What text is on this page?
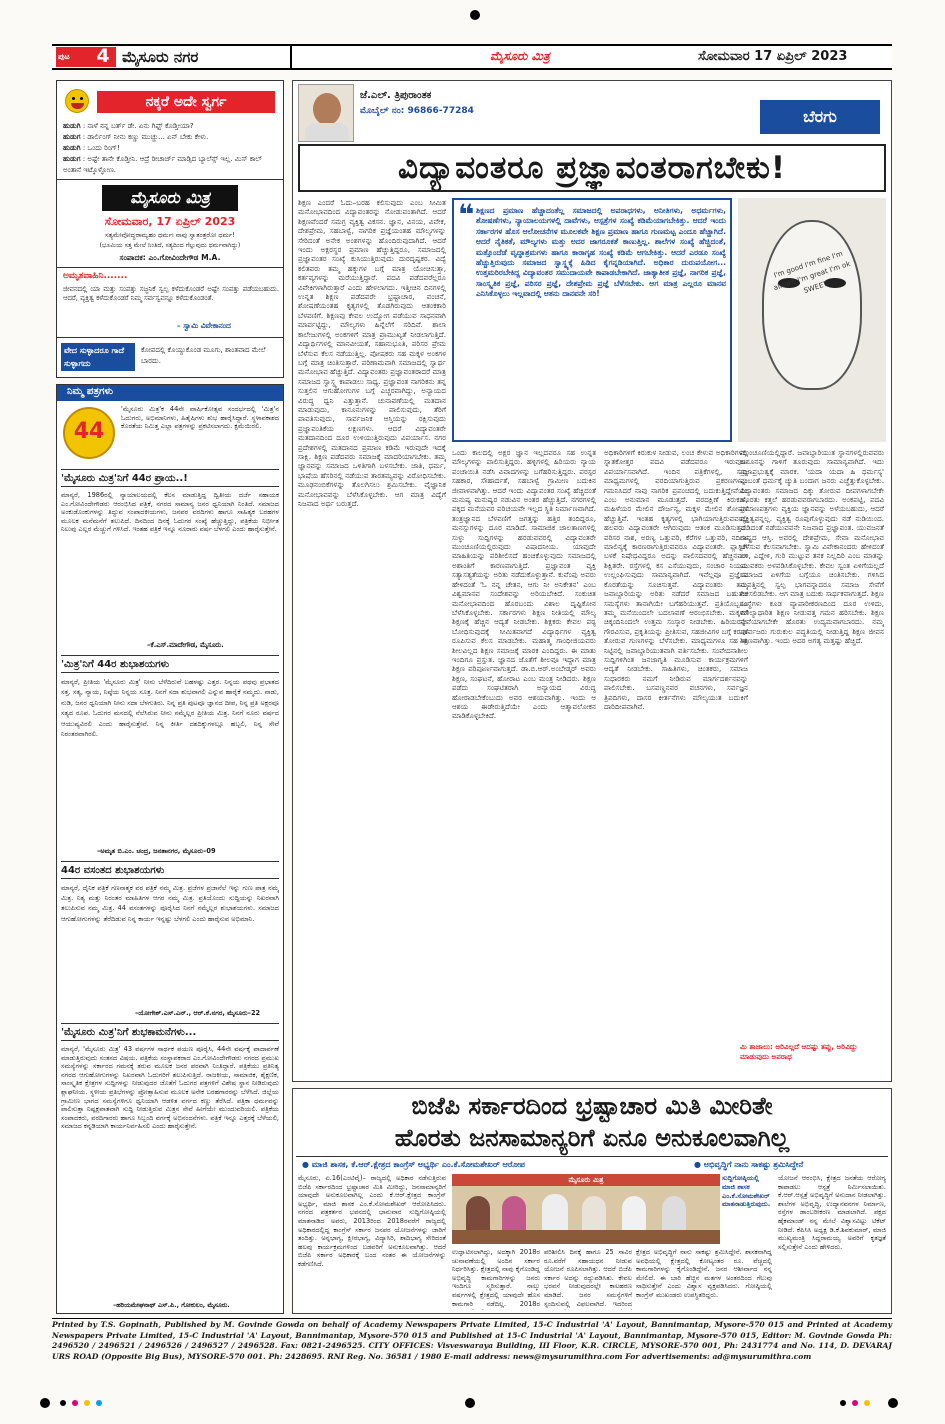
ಪುಟ 4 ಮೈಸೂರು ನಗರ	ಮೈಸೂರು ಮಿತ್ರ	ಸೋಮವಾರ 17 ಏಪ್ರಿಲ್ 2023
ನಕ್ಕರೆ ಅದೇ ಸ್ವರ್ಗ
ಹುಡುಗಿ : ನಾಳೆ ನನ್ನ ಬರ್ತ್ ಡೇ. ಏನು ಗಿಫ್ಟ್ ಕೊಡ್ತೀಯಾ?
ಹುಡುಗ : ಡಾರ್ಲಿಂಗ್ ನೀನು ಕಣ್ಣು ಮುಚ್ಚು... ಏನ್ ಬೇಕು ಕೇಳು.
ಹುಡುಗಿ : ಒಂದು ರಿಂಗ್!
ಹುಡುಗ : ಅಷ್ಟೇ ತಾನೇ ಕೊಡ್ತೀನಿ. ಆದ್ರೆ ರೀಚಾರ್ಜ್ ಮಾಡ್ಸಿದ ಬ್ಯಾಲೆನ್ಸ್ ಇಲ್ಲ. ಮಿಸ್ ಕಾಲ್ ಅಂತಾನೆ ಇಟ್ಕೊಳ್ಳೋಣ.
ಮೈಸೂರು ಮಿತ್ರ
ಸೋಮವಾರ, 17 ಏಪ್ರಿಲ್ 2023
ಸತ್ಯಮೇವೋದ್ಧರಾಮ್ಯಹಂ ಧರ್ಮಃ ನಾವು ಸ್ವಾತಂತ್ರರೋ ಧರ್ಮ!
(ಭೂಮಿಯ ಸತ್ತ ಮೇಲೆ ನಿಂತಿದೆ, ಸತ್ಯದಿಂದ ಗೆಲ್ಲುವುದು ಧರ್ಮವಾಗಿದ್ದು)
ಸಂಪಾದಕ: ಎಂ.ಗೋವಿಂದೇಗೌಡ M.A.
ಅಮೃತವಾಹಿನಿ.......
ಜೀವನದಲ್ಲಿ ಯಾ ಮತ್ತು ಸಂಪತ್ತು ಸಜ್ಜನಿಕೆ ಸ್ವಲ್ಪ ಕಳೆದುಕೊಂಡರೆ ಅಷ್ಟೇ ಸಂಪತ್ತು ಪಡೆಯಬಹುದು. ಆದರೆ, ವ್ಯಕ್ತಿತ್ವ ಕಳೆದುಕೊಂಡರೆ ನಿಮ್ಮ ಸರ್ವಸ್ವವನ್ನೂ ಕಳೆದುಕೊಂಡಂತೆ.
– ಸ್ವಾಮಿ ವಿವೇಕಾನಂದ
ವೇದ ಸುಳ್ಳಾದರೂ ಗಾದೆ ಸುಳ್ಳಾಗದು
ಕೋಪದಲ್ಲಿ ಕೊಯ್ದುಕೊಂಡ ಮೂಗು, ಶಾಂತವಾದ ಮೇಲೆ ಬಾರದು.
ನಿಮ್ಮ ಪತ್ರಗಳು
44
'ಮೈಸೂರು ಮಿತ್ರ'ಕ 44ನೇ ವಾರ್ಷಿಕೋತ್ಸವ ಸಂದರ್ಭದಲ್ಲಿ 'ಮಿತ್ರ'ನ ಓದುಗರು, ಅಭಿಮಾನಿಗಳು, ಹಿತೈಷಿಗಳು ಶುಭ ಹಾರೈಸಿದ್ದಾರೆ. ಸ್ಥಳಾವಕಾಶದ ಕೊರತೆಯ ನಿಮಿತ್ತ ಎಲ್ಲಾ ಪತ್ರಗಳನ್ನು ಪ್ರಕಟಿಸಲಾಗದು. ಕ್ಷಮೆಯಿರಲಿ.
'ಮೈಸೂರು ಮಿತ್ರ'ನಿಗೆ 44ರ ಪ್ರಾಯ..!
ಮಾನ್ಯರೆ, 1986ರಲ್ಲಿ ನ್ಯಾಯಾಲಯದಲ್ಲಿ ಕೆಲಸ ಮಾಡುತ್ತಿದ್ದ ದ್ವಿತೀಯ ದರ್ಜೆ ಸಹಾಯಕ ಎಂ.ಗೋವಿಂದೇಗೌಡರು ಆರಂಭಿಸಿದ ಪತ್ರಿಕೆ, ನಗರದ ಸಾಮಾನ್ಯ ಜನರ ಧ್ವನಿಯಾಗಿ ನಿಂತಿದೆ. ಸಮಾಜದ ಅಂಕುಡೊಂಕುಗಳನ್ನು ತಿದ್ದುವ ಸಂಪಾದಕೀಯಗಳು, ಜನಪರ ವರದಿಗಳು ಹಾಗೂ ಸಾಹಿತ್ಯಕ ಬರಹಗಳ ಮೂಲಕ ಮನೆಮನೆಗೆ ತಲುಪಿದೆ. ದಿನದಿಂದ ದಿನಕ್ಕೆ ಓದುಗರ ಸಂಖ್ಯೆ ಹೆಚ್ಚುತ್ತಿದ್ದು, ಪತ್ರಿಕೆಯ ನಿರ್ಭೀತ ನಿಲುವು ಎಲ್ಲರ ಮೆಚ್ಚುಗೆ ಗಳಿಸಿದೆ. ಇಂತಹ ಪತ್ರಿಕೆ ಇನ್ನೂ ನೂರಾರು ವರ್ಷ ಬೆಳಗಲಿ ಎಂದು ಹಾರೈಸುತ್ತೇನೆ.
–ಕೆ.ಎಸ್.ಮಾದೇಗೌಡ, ಮೈಸೂರು.
'ಮಿತ್ರ'ನಿಗೆ 44ರ ಶುಭಾಶಯಗಳು
ಮಾನ್ಯರೆ, ಪ್ರೀತಿಯ 'ಮೈಸೂರು ಮಿತ್ರ' ನೀನು ಬೆಳೆದಿರುವೆ ಬಹಳಷ್ಟು ಎತ್ತರ. ನಿನ್ನಯ ಪಥವು ಪ್ರಭಾತದ ಸತ್ತ. ಸತ್ಯ, ನ್ಯಾಯ, ನಿಷ್ಠೆಯ ನಿನ್ನಯ ಸೂತ್ರ. ನಿನಗೆ ಸದಾ ಶುಭವಾಗಲಿ ಎನ್ನುವ ಹಾರೈಕೆ ನಮ್ಮದು. ನಾಡು, ನುಡಿ, ಜನರ ಧ್ವನಿಯಾಗಿ ನೀನು ಸದಾ ಬೆಳಗುತಿರು. ನಿನ್ನ ಪ್ರತಿ ಪುಟವೂ ಜ್ಞಾನದ ದೀಪ, ನಿನ್ನ ಪ್ರತಿ ಅಕ್ಷರವೂ ಸತ್ಯದ ರೂಪ. ಓದುಗರ ಮನದಲ್ಲಿ ನೆಲೆಸಿರುವ ನೀನು ನಮ್ಮೆಲ್ಲರ ಪ್ರೀತಿಯ ಮಿತ್ರ. ನಿನಗೆ ನೂರು ವರ್ಷದ ಆಯುಷ್ಯವಿರಲಿ ಎಂದು ಹಾರೈಸುತ್ತೇವೆ. ನಿನ್ನ ಕೀರ್ತಿ ದಶದಿಕ್ಕುಗಳಲ್ಲೂ ಹಬ್ಬಲಿ, ನಿನ್ನ ಸೇವೆ ನಿರಂತರವಾಗಿರಲಿ.
–ಅಮೃತ ಬಿ.ಎಂ. ಚಂದ್ರ, ಜನತಾನಗರ, ಮೈಸೂರು–09
44ರ ವಸಂತದ ಶುಭಾಶಯಗಳು
ಮಾನ್ಯರೆ, ದೈನಿಕ ಪತ್ರಿಕೆ ಗಣನಾತ್ಮಕ ವರ ಪತ್ರಿಕೆ ನಮ್ಮ ಮಿತ್ರ. ಪ್ರಜೆಗಳ ಪ್ರಜಾನೆಲೆ ಇನ್ನು ಗುಣ ಪಾತ್ರ ನಮ್ಮ ಮಿತ್ರ. ನಿತ್ಯ ಮತ್ತು ನಿರಂತರ ಮಾಹಿತಿಗಳ ಆಗರ ನಮ್ಮ ಮಿತ್ರ. ಪ್ರತಿಯೊಂದು ಸುದ್ದಿಯನ್ನು ನಿಖರವಾಗಿ ತಲುಪಿಸುವ ನಮ್ಮ ಮಿತ್ರ. 44 ವಸಂತಗಳನ್ನು ಪೂರೈಸಿದ ನಿನಗೆ ನಮ್ಮೆಲ್ಲರ ಶುಭಾಶಯಗಳು. ಸಮಾಜದ ಆಗುಹೋಗುಗಳನ್ನು ತೆರೆದಿಡುವ ನಿನ್ನ ಕಾರ್ಯ ಇನ್ನಷ್ಟು ಬೆಳಗಲಿ ಎಂದು ಹಾರೈಸುವ ಅಭಿಮಾನಿ.
–ಯೋಗೇಶ್.ಎಸ್.ಎನ್., ಆರ್.ಕೆ.ನಗರ, ಮೈಸೂರು–22
'ಮೈಸೂರು ಮಿತ್ರ'ನಿಗೆ ಶುಭಕಾಮನೆಗಳು...
ಮಾನ್ಯರೆ, 'ಮೈಸೂರು ಮಿತ್ರ' 43 ವರ್ಷಗಳ ಸಾರ್ಥಕ ಪಯಣ ಪೂರೈಸಿ, 44ನೇ ವರ್ಷಕ್ಕೆ ಪಾದಾರ್ಪಣೆ ಮಾಡುತ್ತಿರುವುದು ಸಂತಸದ ವಿಷಯ. ಪತ್ರಿಕೆಯ ಸಂಸ್ಥಾಪಕರಾದ ಎಂ.ಗೋವಿಂದೇಗೌಡರು ನಗರದ ಪ್ರಮುಖ ಸಮಸ್ಯೆಗಳನ್ನು ಸರ್ಕಾರದ ಗಮನಕ್ಕೆ ತರುವ ಮೂಲಕ ಜನರ ಪರವಾಗಿ ನಿಂತಿದ್ದಾರೆ. ಪತ್ರಿಕೆಯು ಪ್ರತಿನಿತ್ಯ ನಗರದ ಆಗುಹೋಗುಗಳನ್ನು ನಿಖರವಾಗಿ ಓದುಗರಿಗೆ ತಲುಪಿಸುತ್ತಿದೆ. ರಾಜಕೀಯ, ಸಾಮಾಜಿಕ, ಶೈಕ್ಷಣಿಕ, ಸಾಂಸ್ಕೃತಿಕ ಕ್ಷೇತ್ರಗಳ ಸುದ್ದಿಗಳನ್ನು ನೀಡುವುದರ ಜೊತೆಗೆ ಓದುಗರ ಪತ್ರಗಳಿಗೆ ವಿಶೇಷ ಸ್ಥಾನ ನೀಡಿರುವುದು ಶ್ಲಾಘನೀಯ. ಸ್ಥಳೀಯ ಪ್ರತಿಭೆಗಳನ್ನು ಪ್ರೋತ್ಸಾಹಿಸುವ ಮೂಲಕ ಅನೇಕ ಬರಹಗಾರರನ್ನು ಬೆಳೆಸಿದೆ. ಜಿಲ್ಲೆಯ ಗ್ರಾಮೀಣ ಭಾಗದ ಸಮಸ್ಯೆಗಳಿಗೂ ಧ್ವನಿಯಾಗಿ ಆಡಳಿತ ವರ್ಗದ ಕಣ್ಣು ತೆರೆಸಿದೆ. ಪತ್ರಿಕಾ ಧರ್ಮವನ್ನು ಪಾಲಿಸುತ್ತಾ ನಿಷ್ಪಕ್ಷಪಾತವಾಗಿ ಸುದ್ದಿ ನೀಡುತ್ತಿರುವ ಮಿತ್ರನ ಸೇವೆ ಹೀಗೆಯೇ ಮುಂದುವರಿಯಲಿ. ಪತ್ರಿಕೆಯ ಸಂಪಾದಕರು, ವರದಿಗಾರರು ಹಾಗೂ ಸಿಬ್ಬಂದಿ ವರ್ಗಕ್ಕೆ ಅಭಿನಂದನೆಗಳು. ಪತ್ರಿಕೆ ಇನ್ನೂ ಎತ್ತರಕ್ಕೆ ಬೆಳೆಯಲಿ, ಸಮಾಜದ ಕನ್ನಡಿಯಾಗಿ ಕಾರ್ಯನಿರ್ವಹಿಸಲಿ ಎಂದು ಹಾರೈಸುತ್ತೇನೆ.
–ಹರಿಯಮೇಘನಾಥ್ ಎಸ್.ಪಿ., ಗೋಕುಲಂ, ಮೈಸೂರು.
ಜೆ.ಎಲ್. ತ್ರಿಪುರಾಂತಕ
ಮೊಬೈಲ್ ನಂ: 96866-77284	ಬೆರಗು
ವಿದ್ಯಾವಂತರೂ ಪ್ರಜ್ಞಾವಂತರಾಗಬೇಕು!
❝ ಶಿಕ್ಷಣದ ಪ್ರಮಾಣ ಹೆಚ್ಚಾದಂತೆಲ್ಲ ಸಮಾಜದಲ್ಲಿ ಅಪರಾಧಗಳು, ಅನೀತಿಗಳು, ಅಧರ್ಮಗಳು, ಶೋಷಣೆಗಳು, ನ್ಯಾಯಾಲಯಗಳಲ್ಲಿ ದಾವೆಗಳು, ಆಸ್ಪತ್ರೆಗಳ ಸಂಖ್ಯೆ ಕಡಿಮೆಯಾಗಬೇಕಿತ್ತು. ಆದರೆ ಇಂದು ಸರ್ಕಾರಗಳ ಹೊಸ ಆಲೋಚನೆಗಳ ಮೂಲಕವೇ ಶಿಕ್ಷಣ ಪ್ರಮಾಣ ಹಾಗೂ ಗುಣಮಟ್ಟ ಎಂದೂ ಹೆಚ್ಚಾಗಿದೆ. ಆದರೆ ನೈತಿಕತೆ, ಮೌಲ್ಯಗಳು ಮತ್ತು ಅದರ ಜಾಗರೂಕತೆ ಕಾಣುತ್ತಿಲ್ಲ. ಶಾಲೆಗಳ ಸಂಖ್ಯೆ ಹೆಚ್ಚಿದಂತೆ, ಮತ್ತೊಂದೆಡೆ ವೃದ್ಧಾಶ್ರಮಗಳು ಹಾಗೂ ಕಾರಾಗೃಹ ಸಂಖ್ಯೆ ಕಡಿಮೆ ಆಗಬೇಕಿತ್ತು. ಆದರೆ ಎರಡೂ ಸಂಖ್ಯೆ ಹೆಚ್ಚುತ್ತಿರುವುದು ಸಮಾಜದ ಸ್ವಾಸ್ಥ್ಯಕ್ಕೆ ಹಿಡಿದ ಕೈಗನ್ನಡಿಯಾಗಿದೆ. ಅಧಿಕಾರ ದುರುಪಯೋಗ... ಉತ್ತಮರಿರಬೇಕಿದ್ದ ವಿದ್ಯಾವಂತರ ಸಮುದಾಯವೇ ಕಾಪಾಡಬೇಕಾಗಿದೆ. ಜಾತ್ಯಾತೀತ ಪ್ರಜ್ಞೆ, ನಾಗರಿಕ ಪ್ರಜ್ಞೆ, ಸಾಂಸ್ಕೃತಿಕ ಪ್ರಜ್ಞೆ, ಪರಿಸರ ಪ್ರಜ್ಞೆ, ದೇಶಪ್ರೇಮ ಪ್ರಜ್ಞೆ ಬೆಳೆಸಬೇಕು. ಆಗ ಮಾತ್ರ ಎಲ್ಲರೂ ಮಾನವ ಎನಿಸಿಕೊಳ್ಳಲು ಇಲ್ಲವಾದಲ್ಲಿ ಆತನು ದಾನವನೇ ಸರಿ!
I'm good I'm fine I'm alright I'm great I'm ok SWEET
ಶಿಕ್ಷಣ ಎಂದರೆ ಓದು–ಬರಹ ಕಲಿಸುವುದು ಎಂಬ ಸೀಮಿತ ಮನೋಭಾವದಿಂದ ವಿದ್ಯಾವಂತರನ್ನು ನೋಡುವಂತಾಗಿದೆ. ಆದರೆ ಶಿಕ್ಷಣವೆಂದರೆ ಸಮಗ್ರ ವ್ಯಕ್ತಿತ್ವ ವಿಕಸನ. ಜ್ಞಾನ, ವಿನಯ, ವಿವೇಕ, ದೇಶಪ್ರೇಮ, ಸಹಬಾಳ್ವೆ, ನಾಗರಿಕ ಪ್ರಜ್ಞೆಯಂತಹ ಮೌಲ್ಯಗಳನ್ನು ಸೇರಿದಂತೆ ಅನೇಕ ಅಂಶಗಳನ್ನು ಹೊಂದಿರುವುದಾಗಿದೆ. ಆದರೆ ಇಂದು ಅಕ್ಷರಸ್ಥರ ಪ್ರಮಾಣ ಹೆಚ್ಚುತ್ತಿದ್ದರೂ, ಸಮಾಜದಲ್ಲಿ ಪ್ರಜ್ಞಾವಂತರ ಸಂಖ್ಯೆ ಕುಸಿಯುತ್ತಿರುವುದು ದುರದೃಷ್ಟಕರ. ವಿದ್ಯೆ ಕಲಿತವರು ತಮ್ಮ ಹಕ್ಕುಗಳ ಬಗ್ಗೆ ಮಾತ್ರ ಯೋಚಿಸುತ್ತಾ, ಕರ್ತವ್ಯಗಳನ್ನು ಮರೆಯುತ್ತಿದ್ದಾರೆ. ಪದವಿ ಪಡೆದವರೆಲ್ಲರೂ ವಿವೇಕಿಗಳಾಗಿರುತ್ತಾರೆ ಎಂದು ಹೇಳಲಾಗದು. ಇತ್ತೀಚಿನ ದಿನಗಳಲ್ಲಿ ಉನ್ನತ ಶಿಕ್ಷಣ ಪಡೆದವರೇ ಭ್ರಷ್ಟಾಚಾರ, ವಂಚನೆ, ಶೋಷಣೆಯಂತಹ ಕೃತ್ಯಗಳಲ್ಲಿ ತೊಡಗಿರುವುದು ಆತಂಕಕಾರಿ ಬೆಳವಣಿಗೆ. ಶಿಕ್ಷಣವು ಕೇವಲ ಉದ್ಯೋಗ ಪಡೆಯುವ ಸಾಧನವಾಗಿ ಮಾರ್ಪಟ್ಟಿದ್ದು, ಮೌಲ್ಯಗಳು ಹಿನ್ನೆಲೆಗೆ ಸರಿದಿವೆ. ಶಾಲಾ ಕಾಲೇಜುಗಳಲ್ಲಿ ಅಂಕಗಳಿಗೆ ಮಾತ್ರ ಪ್ರಾಮುಖ್ಯತೆ ನೀಡಲಾಗುತ್ತಿದೆ. ವಿದ್ಯಾರ್ಥಿಗಳಲ್ಲಿ ಮಾನವೀಯತೆ, ಸಹಾನುಭೂತಿ, ಪರಿಸರ ಪ್ರೇಮ ಬೆಳೆಸುವ ಕೆಲಸ ನಡೆಯುತ್ತಿಲ್ಲ. ಪೋಷಕರು ಸಹ ಮಕ್ಕಳ ಅಂಕಗಳ ಬಗ್ಗೆ ಮಾತ್ರ ಚಿಂತಿಸುತ್ತಾರೆ. ಪರಿಣಾಮವಾಗಿ ಸಮಾಜದಲ್ಲಿ ಸ್ವಾರ್ಥ ಮನೋಭಾವ ಹೆಚ್ಚುತ್ತಿದೆ. ವಿದ್ಯಾವಂತರು ಪ್ರಜ್ಞಾವಂತರಾದರೆ ಮಾತ್ರ ಸಮಾಜದ ಸ್ವಾಸ್ಥ್ಯ ಕಾಪಾಡಲು ಸಾಧ್ಯ. ಪ್ರಜ್ಞಾವಂತ ನಾಗರಿಕನು ತನ್ನ ಸುತ್ತಲಿನ ಆಗುಹೋಗುಗಳ ಬಗ್ಗೆ ಎಚ್ಚರವಾಗಿದ್ದು, ಅನ್ಯಾಯದ ವಿರುದ್ಧ ಧ್ವನಿ ಎತ್ತುತ್ತಾನೆ. ಚುನಾವಣೆಯಲ್ಲಿ ಮತದಾನ ಮಾಡುವುದು, ಕಾನೂನುಗಳನ್ನು ಪಾಲಿಸುವುದು, ತೆರಿಗೆ ಪಾವತಿಸುವುದು, ಸಾರ್ವಜನಿಕ ಆಸ್ತಿಯನ್ನು ರಕ್ಷಿಸುವುದು ಪ್ರಜ್ಞಾವಂತಿಕೆಯ ಲಕ್ಷಣಗಳು. ಆದರೆ ವಿದ್ಯಾವಂತರೇ ಮತದಾನದಿಂದ ದೂರ ಉಳಿಯುತ್ತಿರುವುದು ವಿಪರ್ಯಾಸ. ನಗರ ಪ್ರದೇಶಗಳಲ್ಲಿ ಮತದಾನದ ಪ್ರಮಾಣ ಕಡಿಮೆ ಇರುವುದೇ ಇದಕ್ಕೆ ಸಾಕ್ಷಿ. ಶಿಕ್ಷಣ ಪಡೆದವರು ಸಮಾಜಕ್ಕೆ ಮಾದರಿಯಾಗಬೇಕು. ತಮ್ಮ ಜ್ಞಾನವನ್ನು ಸಮಾಜದ ಒಳಿತಿಗಾಗಿ ಬಳಸಬೇಕು. ಜಾತಿ, ಧರ್ಮ, ಭಾಷೆಯ ಹೆಸರಿನಲ್ಲಿ ನಡೆಯುವ ತಾರತಮ್ಯವನ್ನು ವಿರೋಧಿಸಬೇಕು. ಮೂಢನಂಬಿಕೆಗಳನ್ನು ತೊಲಗಿಸಲು ಶ್ರಮಿಸಬೇಕು. ವೈಜ್ಞಾನಿಕ ಮನೋಭಾವವನ್ನು ಬೆಳೆಸಿಕೊಳ್ಳಬೇಕು. ಆಗ ಮಾತ್ರ ವಿದ್ಯೆಗೆ ನಿಜವಾದ ಅರ್ಥ ಬರುತ್ತದೆ.
ಒಂದು ಕಾಲದಲ್ಲಿ ಅಕ್ಷರ ಜ್ಞಾನ ಇಲ್ಲದವರೂ ಸಹ ಉನ್ನತ ಮೌಲ್ಯಗಳನ್ನು ಪಾಲಿಸುತ್ತಿದ್ದರು. ಹಳ್ಳಿಗಳಲ್ಲಿ ಹಿರಿಯರು ನ್ಯಾಯ ಪಂಚಾಯಿತಿ ನಡೆಸಿ ವಿವಾದಗಳನ್ನು ಬಗೆಹರಿಸುತ್ತಿದ್ದರು. ಪರಸ್ಪರ ಸಹಕಾರ, ಸೌಹಾರ್ದತೆ, ಸಹಬಾಳ್ವೆ ಗ್ರಾಮೀಣ ಬದುಕಿನ ಜೀವಾಳವಾಗಿತ್ತು. ಆದರೆ ಇಂದು ವಿದ್ಯಾವಂತರ ಸಂಖ್ಯೆ ಹೆಚ್ಚಿದಂತೆ ಮನುಷ್ಯ ಮನುಷ್ಯರ ನಡುವಿನ ಅಂತರ ಹೆಚ್ಚುತ್ತಿದೆ. ನಗರಗಳಲ್ಲಿ ಪಕ್ಕದ ಮನೆಯವರ ಪರಿಚಯವೇ ಇಲ್ಲದ ಸ್ಥಿತಿ ನಿರ್ಮಾಣವಾಗಿದೆ. ತಂತ್ರಜ್ಞಾನದ ಬೆಳವಣಿಗೆ ಜಗತ್ತನ್ನು ಹತ್ತಿರ ತಂದಿದ್ದರೂ, ಮನಸ್ಸುಗಳನ್ನು ದೂರ ಮಾಡಿದೆ. ಸಾಮಾಜಿಕ ಜಾಲತಾಣಗಳಲ್ಲಿ ಸುಳ್ಳು ಸುದ್ದಿಗಳನ್ನು ಹರಡುವವರಲ್ಲಿ ವಿದ್ಯಾವಂತರೇ ಮುಂಚೂಣಿಯಲ್ಲಿರುವುದು ವಿಷಾದನೀಯ. ಯಾವುದೇ ಮಾಹಿತಿಯನ್ನು ಪರಿಶೀಲಿಸದೆ ಹಂಚಿಕೊಳ್ಳುವುದು ಸಮಾಜದಲ್ಲಿ ಅಶಾಂತಿಗೆ ಕಾರಣವಾಗುತ್ತಿದೆ. ಪ್ರಜ್ಞಾವಂತ ವ್ಯಕ್ತಿ ಸತ್ಯಾಸತ್ಯತೆಯನ್ನು ಅರಿತು ನಡೆದುಕೊಳ್ಳುತ್ತಾನೆ. ಕುವೆಂಪು ಅವರು ಹೇಳಿದಂತೆ 'ಓ ನನ್ನ ಚೇತನ, ಆಗು ನೀ ಅನಿಕೇತನ' ಎಂಬ ವಿಶ್ವಮಾನವ ಸಂದೇಶವನ್ನು ಅರಿಯಬೇಕಿದೆ. ಸಂಕುಚಿತ ಮನೋಭಾವದಿಂದ ಹೊರಬಂದು ವಿಶಾಲ ದೃಷ್ಟಿಕೋನ ಬೆಳೆಸಿಕೊಳ್ಳಬೇಕು. ಸರ್ಕಾರಗಳು ಶಿಕ್ಷಣ ನೀತಿಯಲ್ಲಿ ಮೌಲ್ಯ ಶಿಕ್ಷಣಕ್ಕೆ ಹೆಚ್ಚಿನ ಆದ್ಯತೆ ನೀಡಬೇಕು. ಶಿಕ್ಷಕರು ಕೇವಲ ಪಠ್ಯ ಬೋಧಿಸುವುದಕ್ಕೆ ಸೀಮಿತವಾಗದೆ ವಿದ್ಯಾರ್ಥಿಗಳ ವ್ಯಕ್ತಿತ್ವ ರೂಪಿಸುವ ಕೆಲಸ ಮಾಡಬೇಕು. ಮಹಾತ್ಮ ಗಾಂಧೀಜಿಯವರು ಶೀಲವಿಲ್ಲದ ಶಿಕ್ಷಣ ಸಮಾಜಕ್ಕೆ ಮಾರಕ ಎಂದಿದ್ದರು. ಈ ಮಾತು ಇಂದಿಗೂ ಪ್ರಸ್ತುತ. ಜ್ಞಾನದ ಜೊತೆಗೆ ಶೀಲವೂ ಇದ್ದಾಗ ಮಾತ್ರ ಶಿಕ್ಷಣ ಪರಿಪೂರ್ಣವಾಗುತ್ತದೆ. ಡಾ.ಬಿ.ಆರ್.ಅಂಬೇಡ್ಕರ್ ಅವರು ಶಿಕ್ಷಣ, ಸಂಘಟನೆ, ಹೋರಾಟ ಎಂಬ ಮಂತ್ರ ನೀಡಿದರು. ಶಿಕ್ಷಣ ಪಡೆದು ಸಂಘಟಿತರಾಗಿ ಅನ್ಯಾಯದ ವಿರುದ್ಧ ಹೋರಾಡಬೇಕೆಂಬುದು ಅವರ ಆಶಯವಾಗಿತ್ತು. ಇಂದು ಆ ಆಶಯ ಈಡೇರುತ್ತಿದೆಯೇ ಎಂದು ಆತ್ಮಾವಲೋಕನ ಮಾಡಿಕೊಳ್ಳಬೇಕಿದೆ.
ಅಧಿಕಾರಿಗಳಿಗೆ ಕಿರುಕುಳ ನೀಡುವ, ಲಂಚ ಕೇಳುವ ಅಧಿಕಾರಿಗಳಲ್ಲಿ ಸ್ನಾತಕೋತ್ತರ ಪದವಿ ಪಡೆದವರೂ ಇರುವುದು ವಿಪರ್ಯಾಸವಾಗಿದೆ. ಇಂದಿನ ಪತ್ರಿಕೆಗಳಲ್ಲಿ, ಸುದ್ದಿ ಮಾಧ್ಯಮಗಳಲ್ಲಿ ವರದಿಯಾಗುತ್ತಿರುವ ಪ್ರಕರಣಗಳನ್ನು ಗಮನಿಸಿದರೆ ನಾವು ನಾಗರಿಕ ಪ್ರಪಂಚದಲ್ಲಿ ಬದುಕುತ್ತಿದ್ದೇವೆಯೇ ಎಂಬ ಅನುಮಾನ ಮೂಡುತ್ತದೆ. ವರದಕ್ಷಿಣೆ ಕಿರುಕುಳ, ಮಹಿಳೆಯರ ಮೇಲಿನ ದೌರ್ಜನ್ಯ, ಮಕ್ಕಳ ಮೇಲಿನ ಶೋಷಣೆ ಹೆಚ್ಚುತ್ತಿವೆ. ಇಂತಹ ಕೃತ್ಯಗಳಲ್ಲಿ ಭಾಗಿಯಾಗುತ್ತಿರುವವರಲ್ಲಿ ಹಲವರು ವಿದ್ಯಾವಂತರೇ ಆಗಿರುವುದು ಆತಂಕ ಮೂಡಿಸುತ್ತದೆ. ಪರಿಸರ ನಾಶ, ಅರಣ್ಯ ಒತ್ತುವರಿ, ಕೆರೆಗಳ ಒತ್ತುವರಿ, ನದಿಗಳ ಮಾಲಿನ್ಯಕ್ಕೆ ಕಾರಣರಾಗುತ್ತಿರುವವರೂ ವಿದ್ಯಾವಂತರೇ. ಪ್ಲಾಸ್ಟಿಕ್ ಬಳಕೆ ನಿಷೇಧವಿದ್ದರೂ ಅದನ್ನು ಪಾಲಿಸದವರಲ್ಲಿ ಹೆಚ್ಚಿನವರು ಶಿಕ್ಷಿತರೇ. ರಸ್ತೆಗಳಲ್ಲಿ ಕಸ ಎಸೆಯುವುದು, ಸಂಚಾರ ನಿಯಮ ಉಲ್ಲಂಘಿಸುವುದು ಸಾಮಾನ್ಯವಾಗಿದೆ. ಇವೆಲ್ಲವೂ ಪ್ರಜ್ಞೆಯ ಕೊರತೆಯನ್ನು ಸೂಚಿಸುತ್ತವೆ. ವಿದ್ಯಾವಂತರು ತಮ್ಮ ಜವಾಬ್ದಾರಿಯನ್ನು ಅರಿತು ನಡೆದರೆ ಸಮಾಜದ ಬಹುತೇಕ ಸಮಸ್ಯೆಗಳು ತಾನಾಗಿಯೇ ಬಗೆಹರಿಯುತ್ತವೆ. ಪ್ರತಿಯೊಬ್ಬರೂ ತಮ್ಮ ಮನೆಯಿಂದಲೇ ಬದಲಾವಣೆ ಆರಂಭಿಸಬೇಕು. ಮಕ್ಕಳಿಗೆ ಚಿಕ್ಕಂದಿನಿಂದಲೇ ಉತ್ತಮ ಸಂಸ್ಕಾರ ನೀಡಬೇಕು. ಹಿರಿಯರನ್ನು ಗೌರವಿಸುವ, ಪ್ರಕೃತಿಯನ್ನು ಪ್ರೀತಿಸುವ, ಸಹಜೀವಿಗಳ ಬಗ್ಗೆ ಕರುಣೆ ತೋರುವ ಗುಣಗಳನ್ನು ಬೆಳೆಸಬೇಕು. ಮಾಧ್ಯಮಗಳೂ ಸಹ ಈ ನಿಟ್ಟಿನಲ್ಲಿ ಜವಾಬ್ದಾರಿಯುತವಾಗಿ ವರ್ತಿಸಬೇಕು. ಸಂವೇದನಾಶೀಲ ಸುದ್ದಿಗಳಿಗಿಂತ ಜನಜಾಗೃತಿ ಮೂಡಿಸುವ ಕಾರ್ಯಕ್ರಮಗಳಿಗೆ ಆದ್ಯತೆ ನೀಡಬೇಕು. ಸಾಹಿತಿಗಳು, ಚಿಂತಕರು, ಸಮಾಜ ಸುಧಾರಕರು ನಮಗೆ ನೀಡಿರುವ ಮಾರ್ಗದರ್ಶನವನ್ನು ಪಾಲಿಸಬೇಕು. ಬಸವಣ್ಣನವರ ವಚನಗಳು, ಸರ್ವಜ್ಞನ ತ್ರಿಪದಿಗಳು, ದಾಸರ ಕೀರ್ತನೆಗಳು ಮೌಲ್ಯಯುತ ಬದುಕಿಗೆ ದಾರಿದೀಪವಾಗಿವೆ.
ಮುಂಚೂಣಿಯಲ್ಲಿದ್ದಾರೆ. ಜವಾಬ್ದಾರಿಯುತ ಸ್ಥಾನಗಳಲ್ಲಿರುವವರು ಕಾನೂನನ್ನು ಗಾಳಿಗೆ ತೂರುವುದು ಸಾಮಾನ್ಯವಾಗಿದೆ. ಇದು ಪ್ರಜಾಪ್ರಭುತ್ವಕ್ಕೆ ಮಾರಕ. 'ಯದಾ ಯದಾ ಹಿ ಧರ್ಮಸ್ಯ' ಎಂಬಂತೆ ಧರ್ಮಕ್ಕೆ ಚ್ಯುತಿ ಬಂದಾಗ ಜನರು ಎಚ್ಚೆತ್ತುಕೊಳ್ಳಬೇಕು. ವಿದ್ಯಾವಂತರು ಸಮಾಜದ ದಿಕ್ಕು ತೋರುವ ದೀಪಗಳಾಗಬೇಕೇ ಹೊರತು ಕತ್ತಲೆ ಹರಡುವವರಾಗಬಾರದು. ಅಂಕಪಟ್ಟಿ, ಪದವಿ ಪ್ರಮಾಣಪತ್ರಗಳು ವ್ಯಕ್ತಿಯ ಜ್ಞಾನವನ್ನು ಅಳೆಯಬಹುದು, ಆದರೆ ವ್ಯಕ್ತಿತ್ವವನ್ನಲ್ಲ. ವ್ಯಕ್ತಿತ್ವ ರೂಪುಗೊಳ್ಳುವುದು ನಡೆ ನುಡಿಯಿಂದ. ನುಡಿದಂತೆ ನಡೆಯುವವನೇ ನಿಜವಾದ ಪ್ರಜ್ಞಾವಂತ. ಯುವಜನತೆ ರಾಷ್ಟ್ರದ ಆಸ್ತಿ. ಅವರಲ್ಲಿ ದೇಶಪ್ರೇಮ, ಸೇವಾ ಮನೋಭಾವ ಬೆಳೆಸುವ ಕೆಲಸವಾಗಬೇಕು. ಸ್ವಾಮಿ ವಿವೇಕಾನಂದರು ಹೇಳಿದಂತೆ ಏಳಿ, ಎದ್ದೇಳಿ, ಗುರಿ ಮುಟ್ಟುವ ತನಕ ನಿಲ್ಲದಿರಿ ಎಂಬ ಮಾತನ್ನು ಯುವಕರು ಅಳವಡಿಸಿಕೊಳ್ಳಬೇಕು. ಕೇವಲ ಸ್ವಂತ ಏಳಿಗೆಯಲ್ಲದೆ ಸಮಾಜದ ಏಳಿಗೆಯ ಬಗ್ಗೆಯೂ ಚಿಂತಿಸಬೇಕು. ಗಳಿಸಿದ ಸಂಪತ್ತಿನಲ್ಲಿ ಸ್ವಲ್ಪ ಭಾಗವನ್ನಾದರೂ ಸಮಾಜ ಸೇವೆಗೆ ಮೀಸಲಿಡಬೇಕು. ಆಗ ಮಾತ್ರ ಬದುಕು ಸಾರ್ಥಕವಾಗುತ್ತದೆ. ಶಿಕ್ಷಣ ಸಂಸ್ಥೆಗಳು ಕೂಡ ವ್ಯಾಪಾರೀಕರಣದಿಂದ ದೂರ ಉಳಿದು, ಮೌಲ್ಯಾಧಾರಿತ ಶಿಕ್ಷಣ ನೀಡುವತ್ತ ಗಮನ ಹರಿಸಬೇಕು. ಶಿಕ್ಷಣ ಸೇವೆಯಾಗಬೇಕೇ ಹೊರತು ಉದ್ಯಮವಾಗಬಾರದು. ನಮ್ಮ ಪೂರ್ವಜರು ಗುರುಕುಲ ಪದ್ಧತಿಯಲ್ಲಿ ನೀಡುತ್ತಿದ್ದ ಶಿಕ್ಷಣ ಜೀವನ ಶಿಕ್ಷಣವಾಗಿತ್ತು. ಇಂದು ಅದರ ಅಗತ್ಯ ಮತ್ತಷ್ಟು ಹೆಚ್ಚಿದೆ.
ಮಿ ತಾಜಾಲು: ಅರಿವಿಲ್ಲದೆ ಆದಷ್ಟು ತಪ್ಪು, ಅರಿವಿದ್ದು ಮಾಡುವುದು ಅಪರಾಧ
ಬಿಜೆಪಿ ಸರ್ಕಾರದಿಂದ ಭ್ರಷ್ಟಾಚಾರ ಮಿತಿ ಮೀರಿತೇ
ಹೊರತು ಜನಸಾಮಾನ್ಯರಿಗೆ ಏನೂ ಅನುಕೂಲವಾಗಿಲ್ಲ
● ಮಾಜಿ ಶಾಸಕ, ಕೆ.ಆರ್.ಕ್ಷೇತ್ರದ ಕಾಂಗ್ರೆಸ್ ಅಭ್ಯರ್ಥಿ ಎಂ.ಕೆ.ಸೋಮಶೇಖರ್ ಆರೋಪ	● ಅಭಿವೃದ್ಧಿಗೆ ನಾನು ಸಾಕಷ್ಟು ಶ್ರಮಿಸಿದ್ದೇನೆ
ಮೈಸೂರು ಮಿತ್ರ	ಸುದ್ದಿಗೋಷ್ಠಿಯಲ್ಲಿ ಮಾಜಿ ಶಾಸಕ ಎಂ.ಕೆ.ಸೋಮಶೇಖರ್ ಮಾತನಾಡುತ್ತಿರುವುದು.
ಮೈಸೂರು, ಏ.16(ಎಂಟಿವೈ)– ರಾಜ್ಯದಲ್ಲಿ ಅಧಿಕಾರ ನಡೆಸುತ್ತಿರುವ ಬಿಜೆಪಿ ಸರ್ಕಾರದಿಂದ ಭ್ರಷ್ಟಾಚಾರ ಮಿತಿ ಮೀರಿದ್ದು, ಜನಸಾಮಾನ್ಯರಿಗೆ ಯಾವುದೇ ಅನುಕೂಲವಾಗಿಲ್ಲ ಎಂದು ಕೆ.ಆರ್.ಕ್ಷೇತ್ರದ ಕಾಂಗ್ರೆಸ್ ಅಭ್ಯರ್ಥಿ, ಮಾಜಿ ಶಾಸಕ ಎಂ.ಕೆ.ಸೋಮಶೇಖರ್ ಆರೋಪಿಸಿದರು. ನಗರದ ಪತ್ರಕರ್ತರ ಭವನದಲ್ಲಿ ಭಾನುವಾರ ಸುದ್ದಿಗೋಷ್ಠಿಯಲ್ಲಿ ಮಾತನಾಡಿದ ಅವರು, 2013ರಿಂದ 2018ರವರೆಗೆ ರಾಜ್ಯದಲ್ಲಿ ಅಧಿಕಾರದಲ್ಲಿದ್ದ ಕಾಂಗ್ರೆಸ್ ಸರ್ಕಾರ ಜನಪರ ಯೋಜನೆಗಳನ್ನು ಜಾರಿಗೆ ತಂದಿತ್ತು. ಅನ್ನಭಾಗ್ಯ, ಕ್ಷೀರಭಾಗ್ಯ, ವಿದ್ಯಾಸಿರಿ, ಶಾದಿಭಾಗ್ಯ ಸೇರಿದಂತೆ ಹಲವು ಕಾರ್ಯಕ್ರಮಗಳಿಂದ ಬಡವರಿಗೆ ಅನುಕೂಲವಾಗಿತ್ತು. ಆದರೆ ಬಿಜೆಪಿ ಸರ್ಕಾರ ಅಧಿಕಾರಕ್ಕೆ ಬಂದ ನಂತರ ಈ ಯೋಜನೆಗಳನ್ನು ಕಡೆಗಣಿಸಿದೆ.
ಉದ್ಘಾಟಿಸಲಾಗಿದ್ದು, ಅದಕ್ಕಾಗಿ 2018ರ ಚುನಾವಣೆಯಲ್ಲಿ ಅಂದಿನ ಸರ್ಕಾರ ನಿರ್ಧರಿಸಿತ್ತು. ಕ್ಷೇತ್ರದಲ್ಲಿ ನಾವು ಕೈಗೊಂಡಿದ್ದ ಅಭಿವೃದ್ಧಿ ಕಾಮಗಾರಿಗಳನ್ನು ಜನರು ಇಂದಿಗೂ ಸ್ಮರಿಸುತ್ತಾರೆ. ನಾಲ್ಕು ವರ್ಷಗಳಲ್ಲಿ ಕ್ಷೇತ್ರದಲ್ಲಿ ಯಾವುದೇ ಹೊಸ ಕಾಮಗಾರಿ ನಡೆದಿಲ್ಲ. 2018ರ
ಪರಿಶೀಲಿಸಿ ದಿನಕ್ಕೆ ಹಾಗೂ 25 ಸಾವಿರ ರೂ.ವರೆಗೆ ಸಹಾಯಧನ ನೀಡುವ ಯೋಜನೆ ರೂಪಿಸಲಾಗಿತ್ತು. ಆದರೆ ಬಿಜೆಪಿ ಸರ್ಕಾರ ಅದನ್ನು ರದ್ದುಪಡಿಸಿತು. ಕೇವಲ ಭರವಸೆ ನೀಡುವುದರಲ್ಲೇ ಕಾಲಹರಣ ಮಾಡಿದೆ. ಜನರ ಸಮಸ್ಯೆಗಳಿಗೆ ಸ್ಪಂದಿಸುವಲ್ಲಿ ವಿಫಲವಾಗಿದೆ. ಇದರಿಂದ
ಕ್ಷೇತ್ರದ ಅಭಿವೃದ್ಧಿಗೆ ನಾನು ಸಾಕಷ್ಟು ಶ್ರಮಿಸಿದ್ದೇನೆ. ಶಾಸಕನಾಗಿದ್ದ ಅವಧಿಯಲ್ಲಿ ಕ್ಷೇತ್ರದಲ್ಲಿ ಕೋಟ್ಯಂತರ ರೂ. ವೆಚ್ಚದಲ್ಲಿ ಕಾಮಗಾರಿಗಳನ್ನು ಕೈಗೊಂಡಿದ್ದೇನೆ. ಜನರ ಆಶೀರ್ವಾದ ನನ್ನ ಮೇಲಿದೆ. ಈ ಬಾರಿ ಹೆಚ್ಚಿನ ಮತಗಳ ಅಂತರದಿಂದ ಗೆಲುವು ಸಾಧಿಸುತ್ತೇನೆ ಎಂದು ವಿಶ್ವಾಸ ವ್ಯಕ್ತಪಡಿಸಿದರು. ಗೋಷ್ಠಿಯಲ್ಲಿ ಕಾಂಗ್ರೆಸ್ ಮುಖಂಡರು ಉಪಸ್ಥಿತರಿದ್ದರು.
ಯೋಜನೆ ಆರಂಭಿಸಿ, ಕ್ಷೇತ್ರದ ಜನತೆಯ ಆರೋಗ್ಯ ಕಾಪಾಡಲು ಆಸ್ಪತ್ರೆ ನಿರ್ಮಿಸಲಾಯಿತು. ಕೆ.ಆರ್.ಆಸ್ಪತ್ರೆ ಅಭಿವೃದ್ಧಿಗೆ ಅನುದಾನ ನೀಡಲಾಗಿತ್ತು. ಶಾಲೆಗಳ ಅಭಿವೃದ್ಧಿ, ಉದ್ಯಾನವನಗಳ ನಿರ್ಮಾಣ, ರಸ್ತೆಗಳ ಡಾಂಬರೀಕರಣ ಮಾಡಲಾಗಿದೆ. ಪಕ್ಷದ ಹೈಕಮಾಂಡ್ ನನ್ನ ಮೇಲೆ ವಿಶ್ವಾಸವಿಟ್ಟು ಟಿಕೆಟ್ ನೀಡಿದೆ. ಕೆಪಿಸಿಸಿ ಅಧ್ಯಕ್ಷ ಡಿ.ಕೆ.ಶಿವಕುಮಾರ್, ಮಾಜಿ ಮುಖ್ಯಮಂತ್ರಿ ಸಿದ್ದರಾಮಯ್ಯ ಅವರಿಗೆ ಕೃತಜ್ಞತೆ ಸಲ್ಲಿಸುತ್ತೇನೆ ಎಂದು ಹೇಳಿದರು.
Printed by T.S. Gopinath, Published by M. Govinde Gowda on behalf of Academy Newspapers Private Limited, 15-C Industrial 'A' Layout, Bannimantap, Mysore-570 015 and Printed at Academy Newspapers Private Limited, 15-C Industrial 'A' Layout, Bannimantap, Mysore-570 015 and Published at 15-C Industrial 'A' Layout, Bannimantap, Mysore-570 015, Editor: M. Govinde Gowda Ph: 2496520 / 2496521 / 2496526 / 2496527 / 2496528. Fax: 0821-2496525. CITY OFFICES: Visveswaraya Building, III Floor, K.R. CIRCLE, MYSORE-570 001, Ph: 2431774 and No. 114, D. DEVARAJ URS ROAD (Opposite Big Bus), MYSORE-570 001. Ph: 2428695. RNI Reg. No. 36581 / 1980 E-mail address: news@mysurumithra.com For advertisements: ad@mysurumithra.com
